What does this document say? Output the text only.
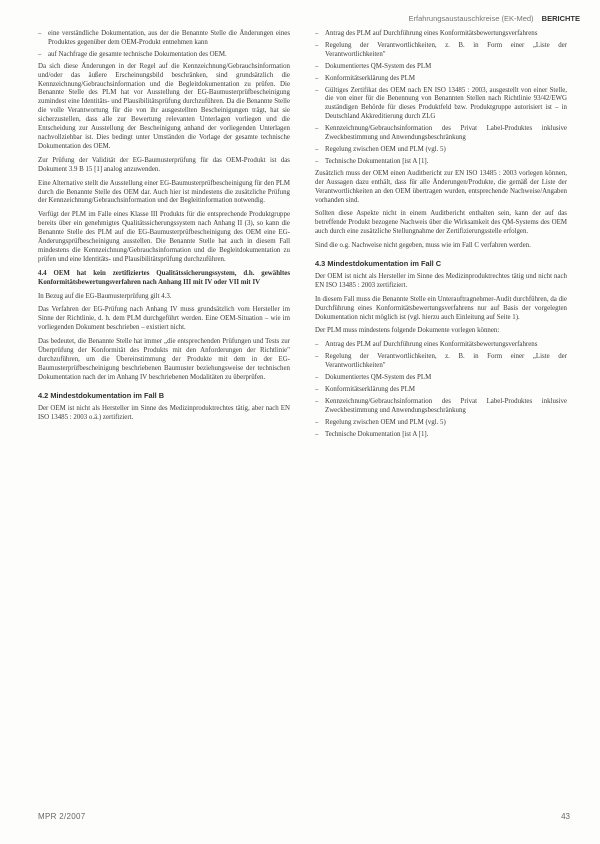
Erfahrungsaustauschkreise (EK-Med) BERICHTE
– eine verständliche Dokumentation, aus der die Benannte Stelle die Änderungen eines Produktes gegenüber dem OEM-Produkt entnehmen kann
– auf Nachfrage die gesamte technische Dokumentation des OEM.

Da sich diese Änderungen in der Regel auf die Kennzeichnung/Gebrauchsinformation und/oder das äußere Erscheinungsbild beschränken, sind grundsätzlich die Kennzeichnung/Gebrauchsinformation und die Begleitdokumentation zu prüfen. Die Benannte Stelle des PLM hat vor Ausstellung der EG-Baumusterprüfbescheinigung zumindest eine Identitäts- und Plausibilitätsprüfung durchzuführen. Da die Benannte Stelle die volle Verantwortung für die von ihr ausgestellten Bescheinigungen trägt, hat sie sicherzustellen, dass alle zur Bewertung relevanten Unterlagen vorliegen und die Entscheidung zur Ausstellung der Bescheinigung anhand der vorliegenden Unterlagen nachvollziehbar ist. Dies bedingt unter Umständen die Vorlage der gesamte technische Dokumentation des OEM.

Zur Prüfung der Validität der EG-Baumusterprüfung für das OEM-Produkt ist das Dokument 3.9 B 15 [1] analog anzuwenden.

Eine Alternative stellt die Ausstellung einer EG-Baumusterprüfbescheinigung für den PLM durch die Benannte Stelle des OEM dar. Auch hier ist mindestens die zusätzliche Prüfung der Kennzeichnung/Gebrauchsinformation und der Begleitinformation notwendig.

Verfügt der PLM im Falle eines Klasse III Produkts für die entsprechende Produktgruppe bereits über ein genehmigtes Qualitätssicherungssystem nach Anhang II (3), so kann die Benannte Stelle des PLM auf die EG-Baumusterprüfbescheinigung des OEM eine EG-Änderungsprüfbescheinigung ausstellen. Die Benannte Stelle hat auch in diesem Fall mindestens die Kennzeichnung/Gebrauchsinformation und die Begleitdokumentation zu prüfen und eine Identitäts- und Plausibilitätsprüfung durchzuführen.

4.4 OEM hat kein zertifiziertes Qualitätssicherungssystem, d.h. gewähltes Konformitätsbewertungsverfahren nach Anhang III mit IV oder VII mit IV

In Bezug auf die EG-Baumusterprüfung gilt 4.3.

Das Verfahren der EG-Prüfung nach Anhang IV muss grundsätzlich vom Hersteller im Sinne der Richtlinie, d. h. dem PLM durchgeführt werden. Eine OEM-Situation – wie im vorliegenden Dokument beschrieben – existiert nicht.

Das bedeutet, die Benannte Stelle hat immer „die entsprechenden Prüfungen und Tests zur Überprüfung der Konformität des Produkts mit den Anforderungen der Richtlinie" durchzuführen, um die Übereinstimmung der Produkte mit dem in der EG-Baumusterprüfbescheinigung beschriebenen Baumuster beziehungsweise der technischen Dokumentation nach der im Anhang IV beschriebenen Modalitäten zu überprüfen.

4.2 Mindestdokumentation im Fall B

Der OEM ist nicht als Hersteller im Sinne des Medizinproduktrechtes tätig, aber nach EN ISO 13485 : 2003 o.ä.) zertifiziert.

– Antrag des PLM auf Durchführung eines Konformitätsbewertungsverfahrens
– Regelung der Verantwortlichkeiten, z. B. in Form einer „Liste der Verantwortlichkeiten"
– Dokumentiertes QM-System des PLM
– Konformitätserklärung des PLM
– Gültiges Zertifikat des OEM nach EN ISO 13485 : 2003, ausgestellt von einer Stelle, die von einer für die Benennung von Benannten Stellen nach Richtlinie 93/42/EWG zuständigen Behörde für dieses Produktfeld bzw. Produktgruppe autorisiert ist – in Deutschland Akkreditierung durch ZLG
– Kennzeichnung/Gebrauchsinformation des Privat Label-Produktes inklusive Zweckbestimmung und Anwendungsbeschränkung
– Regelung zwischen OEM und PLM (vgl. 5)
– Technische Dokumentation [ist A [1].

Zusätzlich muss der OEM einen Auditbericht zur EN ISO 13485 : 2003 vorlegen können, der Aussagen dazu enthält, dass für alle Änderungen/Produkte, die gemäß der Liste der Verantwortlichkeiten an den OEM übertragen wurden, entsprechende Nachweise/Angaben vorhanden sind.

Sollten diese Aspekte nicht in einem Auditbericht enthalten sein, kann der auf das betreffende Produkt bezogene Nachweis über die Wirksamkeit des QM-Systems des OEM auch durch eine zusätzliche Stellungnahme der Zertifizierungsstelle erfolgen.

Sind die o.g. Nachweise nicht gegeben, muss wie im Fall C verfahren werden.

4.3 Mindestdokumentation im Fall C

Der OEM ist nicht als Hersteller im Sinne des Medizinproduktrechtes tätig und nicht nach EN ISO 13485 : 2003 zertifiziert.

In diesem Fall muss die Benannte Stelle ein Unterauftragnehmer-Audit durchführen, da die Durchführung eines Konformitätsbewertungsverfahrens nur auf Basis der vorgelegten Dokumentation nicht möglich ist (vgl. hierzu auch Einleitung auf Seite 1).

Der PLM muss mindestens folgende Dokumente vorlegen können:

– Antrag des PLM auf Durchführung eines Konformitätsbewertungsverfahrens
– Regelung der Verantwortlichkeiten, z. B. in Form einer „Liste der Verantwortlichkeiten"
– Dokumentiertes QM-System des PLM
– Konformitätserklärung des PLM
– Kennzeichnung/Gebrauchsinformation des Privat Label-Produktes inklusive Zweckbestimmung und Anwendungsbeschränkung
– Regelung zwischen OEM und PLM (vgl. 5)
– Technische Dokumentation [ist A [1].
MPR 2/2007	43
